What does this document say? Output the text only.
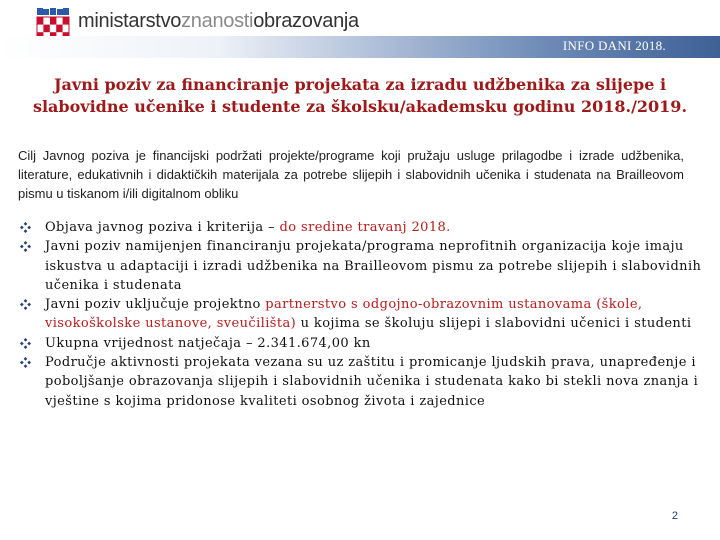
ministarstvoznanostiobrazovanja
INFO DANI 2018.
Javni poziv za financiranje projekata za izradu udžbenika za slijepe i slabovidne učenike i studente za školsku/akademsku godinu 2018./2019.

Cilj Javnog poziva je financijski podržati projekte/programe koji pružaju usluge prilagodbe i izrade udžbenika, literature, edukativnih i didaktičkih materijala za potrebe slijepih i slabovidnih učenika i studenata na Brailleovom pismu u tiskanom i/ili digitalnom obliku

Objava javnog poziva i kriterija – do sredine travanj 2018.
Javni poziv namijenjen financiranju projekata/programa neprofitnih organizacija koje imaju iskustva u adaptaciji i izradi udžbenika na Brailleovom pismu za potrebe slijepih i slabovidnih učenika i studenata
Javni poziv uključuje projektno partnerstvo s odgojno-obrazovnim ustanovama (škole, visokoškolske ustanove, sveučilišta) u kojima se školuju slijepi i slabovidni učenici i studenti
Ukupna vrijednost natječaja – 2.341.674,00 kn
Područje aktivnosti projekata vezana su uz zaštitu i promicanje ljudskih prava, unapređenje i poboljšanje obrazovanja slijepih i slabovidnih učenika i studenata kako bi stekli nova znanja i vještine s kojima pridonose kvaliteti osobnog života i zajednice
2
